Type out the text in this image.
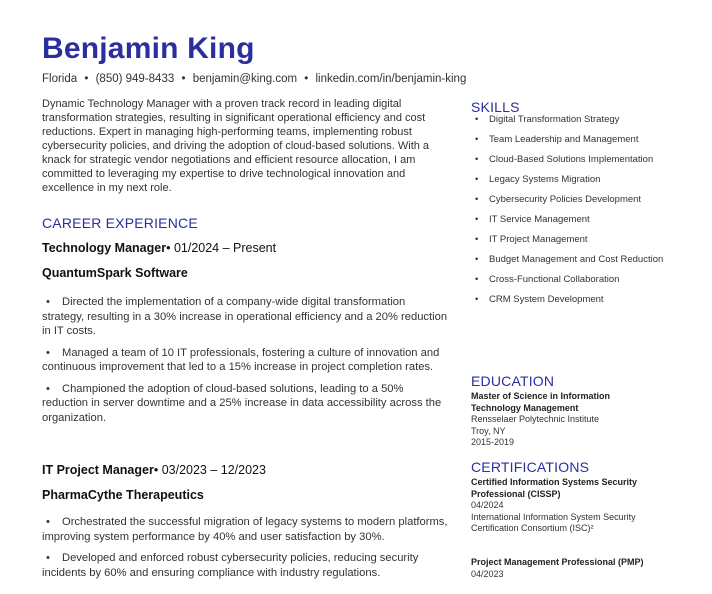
Benjamin King
Florida • (850) 949-8433 • benjamin@king.com • linkedin.com/in/benjamin-king
Dynamic Technology Manager with a proven track record in leading digital transformation strategies, resulting in significant operational efficiency and cost reductions. Expert in managing high-performing teams, implementing robust cybersecurity policies, and driving the adoption of cloud-based solutions. With a knack for strategic vendor negotiations and efficient resource allocation, I am committed to leveraging my expertise to drive technological innovation and excellence in my next role.
CAREER EXPERIENCE
Technology Manager• 01/2024 – Present
QuantumSpark Software
• Directed the implementation of a company-wide digital transformation strategy, resulting in a 30% increase in operational efficiency and a 20% reduction in IT costs.
• Managed a team of 10 IT professionals, fostering a culture of innovation and continuous improvement that led to a 15% increase in project completion rates.
• Championed the adoption of cloud-based solutions, leading to a 50% reduction in server downtime and a 25% increase in data accessibility across the organization.
IT Project Manager• 03/2023 – 12/2023
PharmaCythe Therapeutics
• Orchestrated the successful migration of legacy systems to modern platforms, improving system performance by 40% and user satisfaction by 30%.
• Developed and enforced robust cybersecurity policies, reducing security incidents by 60% and ensuring compliance with industry regulations.
SKILLS
• Digital Transformation Strategy
• Team Leadership and Management
• Cloud-Based Solutions Implementation
• Legacy Systems Migration
• Cybersecurity Policies Development
• IT Service Management
• IT Project Management
• Budget Management and Cost Reduction
• Cross-Functional Collaboration
• CRM System Development
EDUCATION
Master of Science in Information Technology Management
Rensselaer Polytechnic Institute
Troy, NY
2015-2019
CERTIFICATIONS
Certified Information Systems Security Professional (CISSP)
04/2024
International Information System Security Certification Consortium (ISC)²
Project Management Professional (PMP)
04/2023
